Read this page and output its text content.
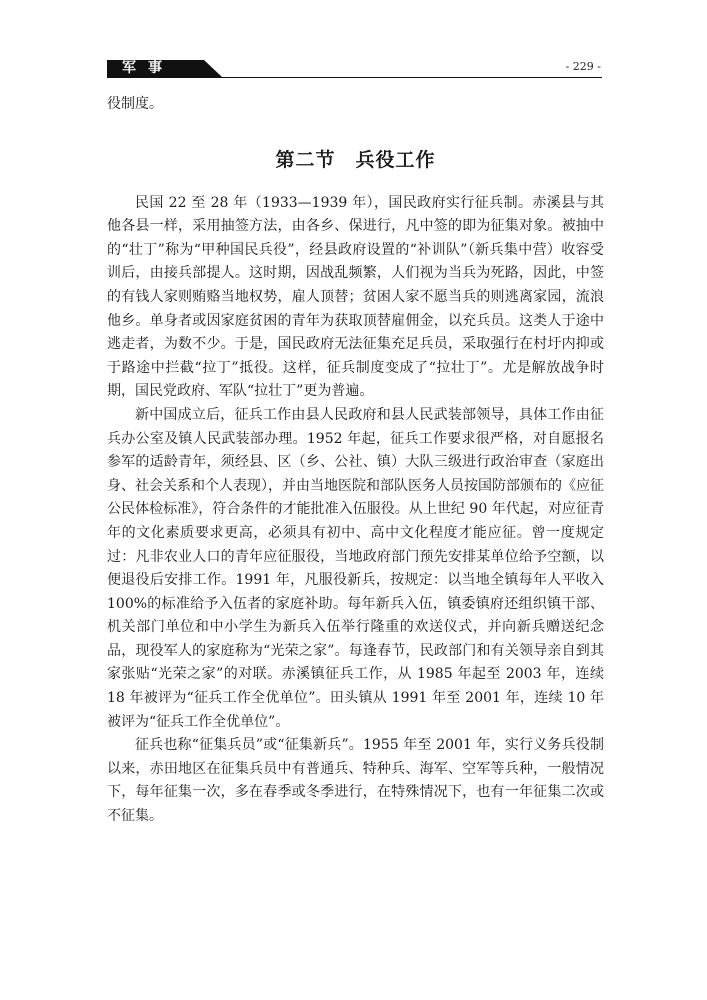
军事	- 229 -

役制度。

第二节　兵役工作

民国 22 至 28 年（1933—1939 年），国民政府实行征兵制。赤溪县与其他各县一样，采用抽签方法，由各乡、保进行，凡中签的即为征集对象。被抽中的“壮丁”称为“甲种国民兵役”，经县政府设置的“补训队”（新兵集中营）收容受训后，由接兵部提人。这时期，因战乱频繁，人们视为当兵为死路，因此，中签的有钱人家则贿赂当地权势，雇人顶替；贫困人家不愿当兵的则逃离家园，流浪他乡。单身者或因家庭贫困的青年为获取顶替雇佣金，以充兵员。这类人于途中逃走者，为数不少。于是，国民政府无法征集充足兵员，采取强行在村圩内抑或于路途中拦截“拉丁”抵役。这样，征兵制度变成了“拉壮丁”。尤是解放战争时期，国民党政府、军队“拉壮丁”更为普遍。

新中国成立后，征兵工作由县人民政府和县人民武装部领导，具体工作由征兵办公室及镇人民武装部办理。1952 年起，征兵工作要求很严格，对自愿报名参军的适龄青年，须经县、区（乡、公社、镇）大队三级进行政治审查（家庭出身、社会关系和个人表现），并由当地医院和部队医务人员按国防部颁布的《应征公民体检标准》，符合条件的才能批准入伍服役。从上世纪 90 年代起，对应征青年的文化素质要求更高，必须具有初中、高中文化程度才能应征。曾一度规定过：凡非农业人口的青年应征服役，当地政府部门预先安排某单位给予空额，以便退役后安排工作。1991 年，凡服役新兵，按规定：以当地全镇每年人平收入 100%的标准给予入伍者的家庭补助。每年新兵入伍，镇委镇府还组织镇干部、机关部门单位和中小学生为新兵入伍举行隆重的欢送仪式，并向新兵赠送纪念品，现役军人的家庭称为“光荣之家”。每逢春节，民政部门和有关领导亲自到其家张贴“光荣之家”的对联。赤溪镇征兵工作，从 1985 年起至 2003 年，连续 18 年被评为“征兵工作全优单位”。田头镇从 1991 年至 2001 年，连续 10 年被评为“征兵工作全优单位”。

征兵也称“征集兵员”或“征集新兵”。1955 年至 2001 年，实行义务兵役制以来，赤田地区在征集兵员中有普通兵、特种兵、海军、空军等兵种，一般情况下，每年征集一次，多在春季或冬季进行，在特殊情况下，也有一年征集二次或不征集。
